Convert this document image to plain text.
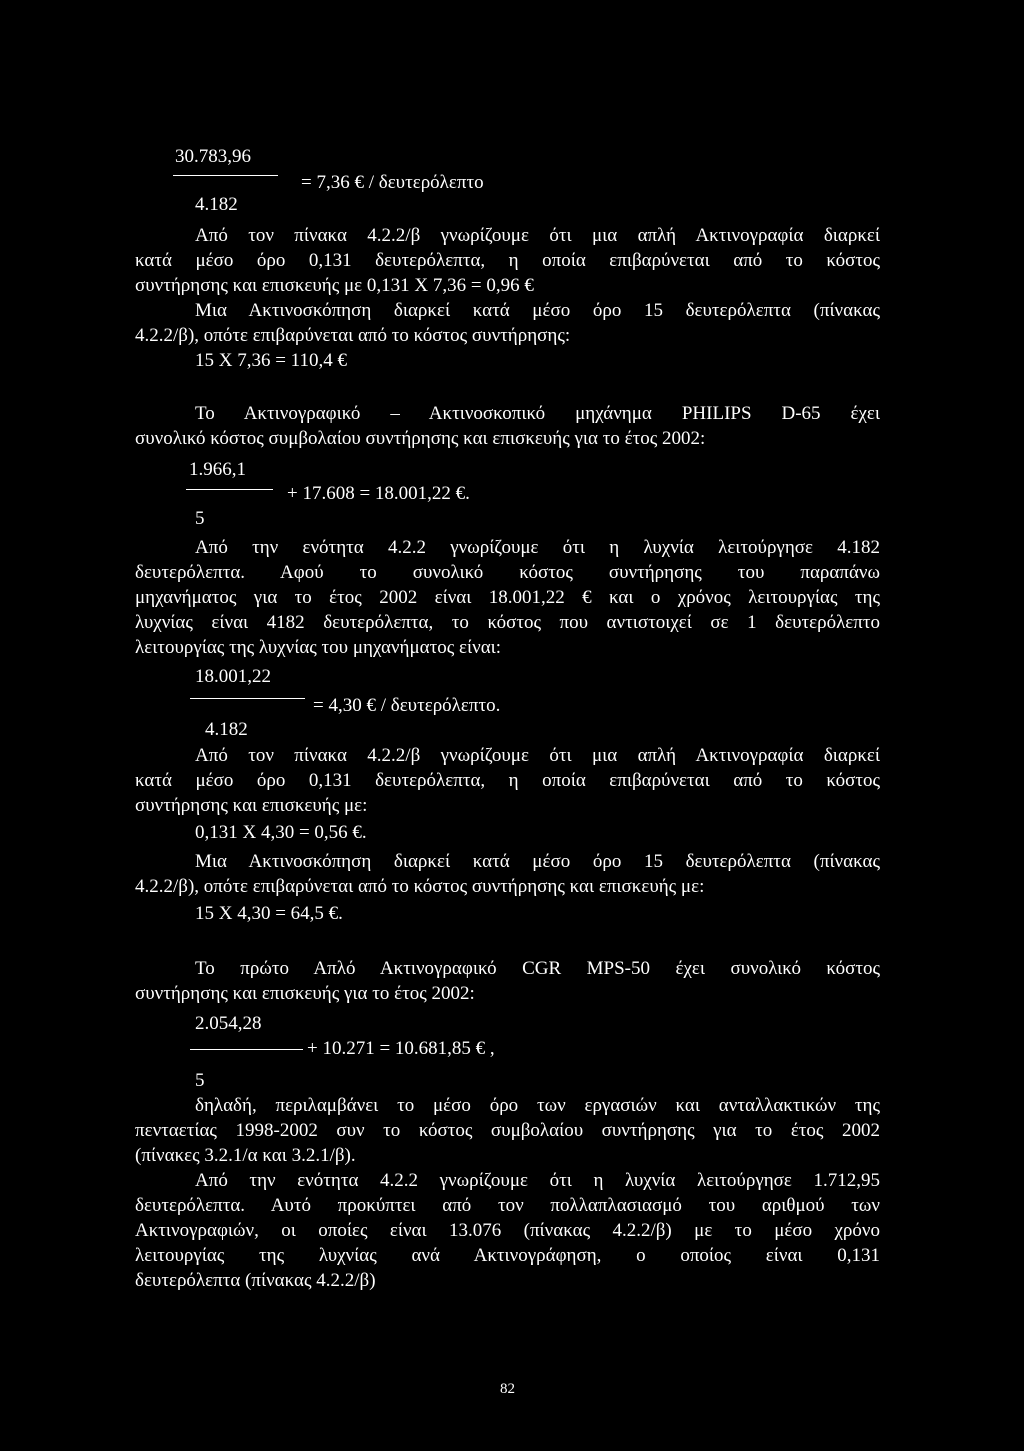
30.783,96
= 7,36 € / δευτερόλεπτο
4.182
Από τον πίνακα 4.2.2/β γνωρίζουμε ότι μια απλή Ακτινογραφία διαρκεί
κατά μέσο όρο 0,131 δευτερόλεπτα, η οποία επιβαρύνεται από το κόστος
συντήρησης και επισκευής με 0,131 X 7,36 = 0,96 €
Μια Ακτινοσκόπηση διαρκεί κατά μέσο όρο 15 δευτερόλεπτα (πίνακας
4.2.2/β), οπότε επιβαρύνεται από το κόστος συντήρησης:
15 X 7,36 = 110,4 €
Το Ακτινογραφικό – Ακτινοσκοπικό μηχάνημα PHILIPS D-65 έχει
συνολικό κόστος συμβολαίου συντήρησης και επισκευής για το έτος 2002:
1.966,1
+ 17.608 = 18.001,22 €.
5
Από την ενότητα 4.2.2 γνωρίζουμε ότι η λυχνία λειτούργησε 4.182
δευτερόλεπτα. Αφού το συνολικό κόστος συντήρησης του παραπάνω
μηχανήματος για το έτος 2002 είναι 18.001,22 € και ο χρόνος λειτουργίας της
λυχνίας είναι 4182 δευτερόλεπτα, το κόστος που αντιστοιχεί σε 1 δευτερόλεπτο
λειτουργίας της λυχνίας του μηχανήματος είναι:
18.001,22
= 4,30 € / δευτερόλεπτο.
4.182
Από τον πίνακα 4.2.2/β γνωρίζουμε ότι μια απλή Ακτινογραφία διαρκεί
κατά μέσο όρο 0,131 δευτερόλεπτα, η οποία επιβαρύνεται από το κόστος
συντήρησης και επισκευής με:
0,131 X 4,30 = 0,56 €.
Μια Ακτινοσκόπηση διαρκεί κατά μέσο όρο 15 δευτερόλεπτα (πίνακας
4.2.2/β), οπότε επιβαρύνεται από το κόστος συντήρησης και επισκευής με:
15 X 4,30 = 64,5 €.
Το πρώτο Απλό Ακτινογραφικό CGR MPS-50 έχει συνολικό κόστος
συντήρησης και επισκευής για το έτος 2002:
2.054,28
+ 10.271 = 10.681,85 € ,
5
δηλαδή, περιλαμβάνει το μέσο όρο των εργασιών και ανταλλακτικών της
πενταετίας 1998-2002 συν το κόστος συμβολαίου συντήρησης για το έτος 2002
(πίνακες 3.2.1/α και 3.2.1/β).
Από την ενότητα 4.2.2 γνωρίζουμε ότι η λυχνία λειτούργησε 1.712,95
δευτερόλεπτα. Αυτό προκύπτει από τον πολλαπλασιασμό του αριθμού των
Ακτινογραφιών, οι οποίες είναι 13.076 (πίνακας 4.2.2/β) με το μέσο χρόνο
λειτουργίας της λυχνίας ανά Ακτινογράφηση, ο οποίος είναι 0,131
δευτερόλεπτα (πίνακας 4.2.2/β)
82
